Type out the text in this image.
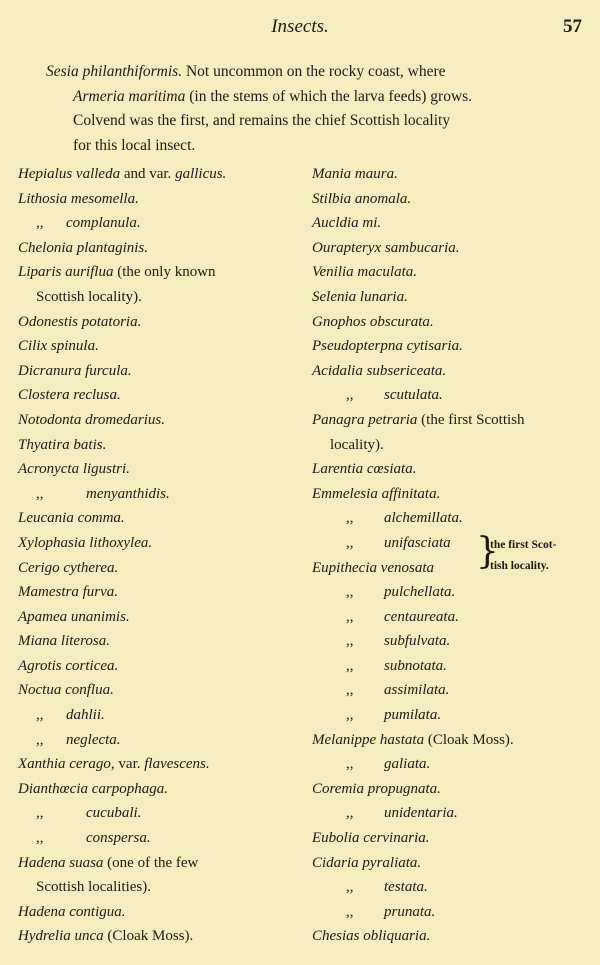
Insects.	57

Sesia philanthiformis. Not uncommon on the rocky coast, where

Armeria maritima (in the stems of which the larva feeds) grows.

Colvend was the first, and remains the chief Scottish locality

for this local insect.

Hepialus valleda and var. gallicus.
Lithosia mesomella.
,, complanula.
Chelonia plantaginis.
Liparis auriflua (the only known
Scottish locality).
Odonestis potatoria.
Cilix spinula.
Dicranura furcula.
Clostera reclusa.
Notodonta dromedarius.
Thyatira batis.
Acronycta ligustri.
,,	menyanthidis.
Leucania comma.
Xylophasia lithoxylea.
Cerigo cytherea.
Mamestra furva.
Apamea unanimis.
Miana literosa.
Agrotis corticea.
Noctua conflua.
,, dahlii.
,, neglecta.
Xanthia cerago, var. flavescens.
Dianthœcia carpophaga.
,,	cucubali.
,,	conspersa.
Hadena suasa (one of the few
Scottish localities).
Hadena contigua.
Hydrelia unca (Cloak Moss).
Mania maura.
Stilbia anomala.
Aucldia mi.
Ourapteryx sambucaria.
Venilia maculata.
Selenia lunaria.
Gnophos obscurata.
Pseudopterpna cytisaria.
Acidalia subsericeata.
,, scutulata.
Panagra petraria (the first Scottish
locality).
Larentia cœsiata.
Emmelesia affinitata.
,, alchemillata.
,, unifasciata
Eupithecia venosata
,, pulchellata.
,, centaureata.
,, subfulvata.
,, subnotata.
,, assimilata.
,, pumilata.
Melanippe hastata (Cloak Moss).
,, galiata.
Coremia propugnata.
,, unidentaria.
Eubolia cervinaria.
Cidaria pyraliata.
,, testata.
,, prunata.
Chesias obliquaria.
}
the first Scot-
tish locality.
